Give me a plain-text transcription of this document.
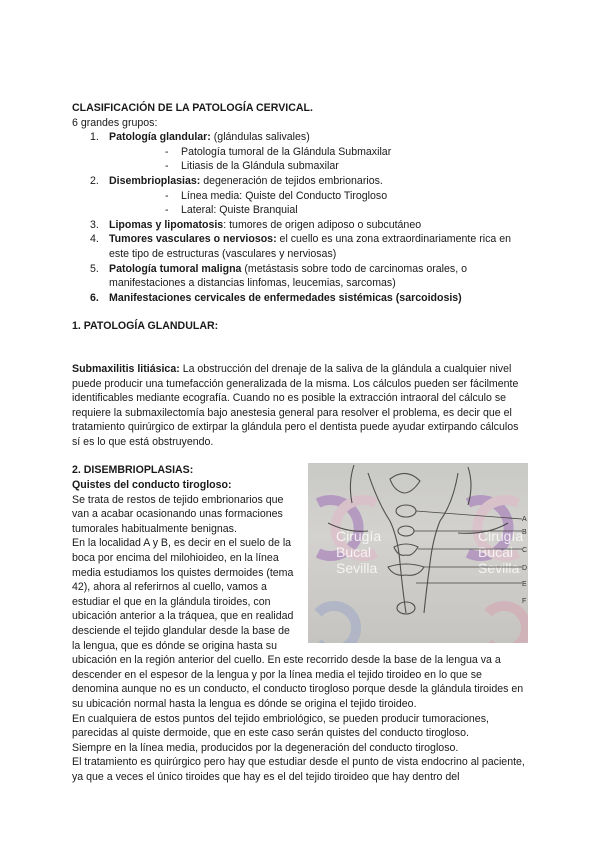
CLASIFICACIÓN DE LA PATOLOGÍA CERVICAL.

6 grandes grupos:

1. Patología glandular: (glándulas salivales)
- Patología tumoral de la Glándula Submaxilar
- Litiasis de la Glándula submaxilar
2. Disembrioplasias: degeneración de tejidos embrionarios.
- Línea media: Quiste del Conducto Tirogloso
- Lateral: Quiste Branquial
3. Lipomas y lipomatosis: tumores de origen adiposo o subcutáneo
4. Tumores vasculares o nerviosos: el cuello es una zona extraordinariamente rica en este tipo de estructuras (vasculares y nerviosas)
5. Patología tumoral maligna (metástasis sobre todo de carcinomas orales, o manifestaciones a distancias linfomas, leucemias, sarcomas)
6. Manifestaciones cervicales de enfermedades sistémicas (sarcoidosis)

1. PATOLOGÍA GLANDULAR:

Submaxilitis litiásica: La obstrucción del drenaje de la saliva de la glándula a cualquier nivel puede producir una tumefacción generalizada de la misma. Los cálculos pueden ser fácilmente identificables mediante ecografía. Cuando no es posible la extracción intraoral del cálculo se requiere la submaxilectomía bajo anestesia general para resolver el problema, es decir que el tratamiento quirúrgico de extirpar la glándula pero el dentista puede ayudar extirpando cálculos sí es lo que está obstruyendo.

Cirugía
Bucal
Sevilla
Cirugía
Bucal
Sevilla
A
B
C
D
E
F

2. DISEMBRIOPLASIAS:

Quistes del conducto tirogloso:

Se trata de restos de tejido embrionarios que van a acabar ocasionando unas formaciones tumorales habitualmente benignas.

En la localidad A y B, es decir en el suelo de la boca por encima del milohioideo, en la línea media estudiamos los quistes dermoides (tema 42), ahora al referirnos al cuello, vamos a estudiar el que en la glándula tiroides, con ubicación anterior a la tráquea, que en realidad desciende el tejido glandular desde la base de la lengua, que es dónde se origina hasta su ubicación en la región anterior del cuello. En este recorrido desde la base de la lengua va a descender en el espesor de la lengua y por la línea media el tejido tiroideo en lo que se denomina aunque no es un conducto, el conducto tirogloso porque desde la glándula tiroides en su ubicación normal hasta la lengua es dónde se origina el tejido tiroideo.

En cualquiera de estos puntos del tejido embriológico, se pueden producir tumoraciones, parecidas al quiste dermoide, que en este caso serán quistes del conducto tirogloso.

Siempre en la línea media, producidos por la degeneración del conducto tirogloso.

El tratamiento es quirúrgico pero hay que estudiar desde el punto de vista endocrino al paciente, ya que a veces el único tiroides que hay es el del tejido tiroideo que hay dentro del
